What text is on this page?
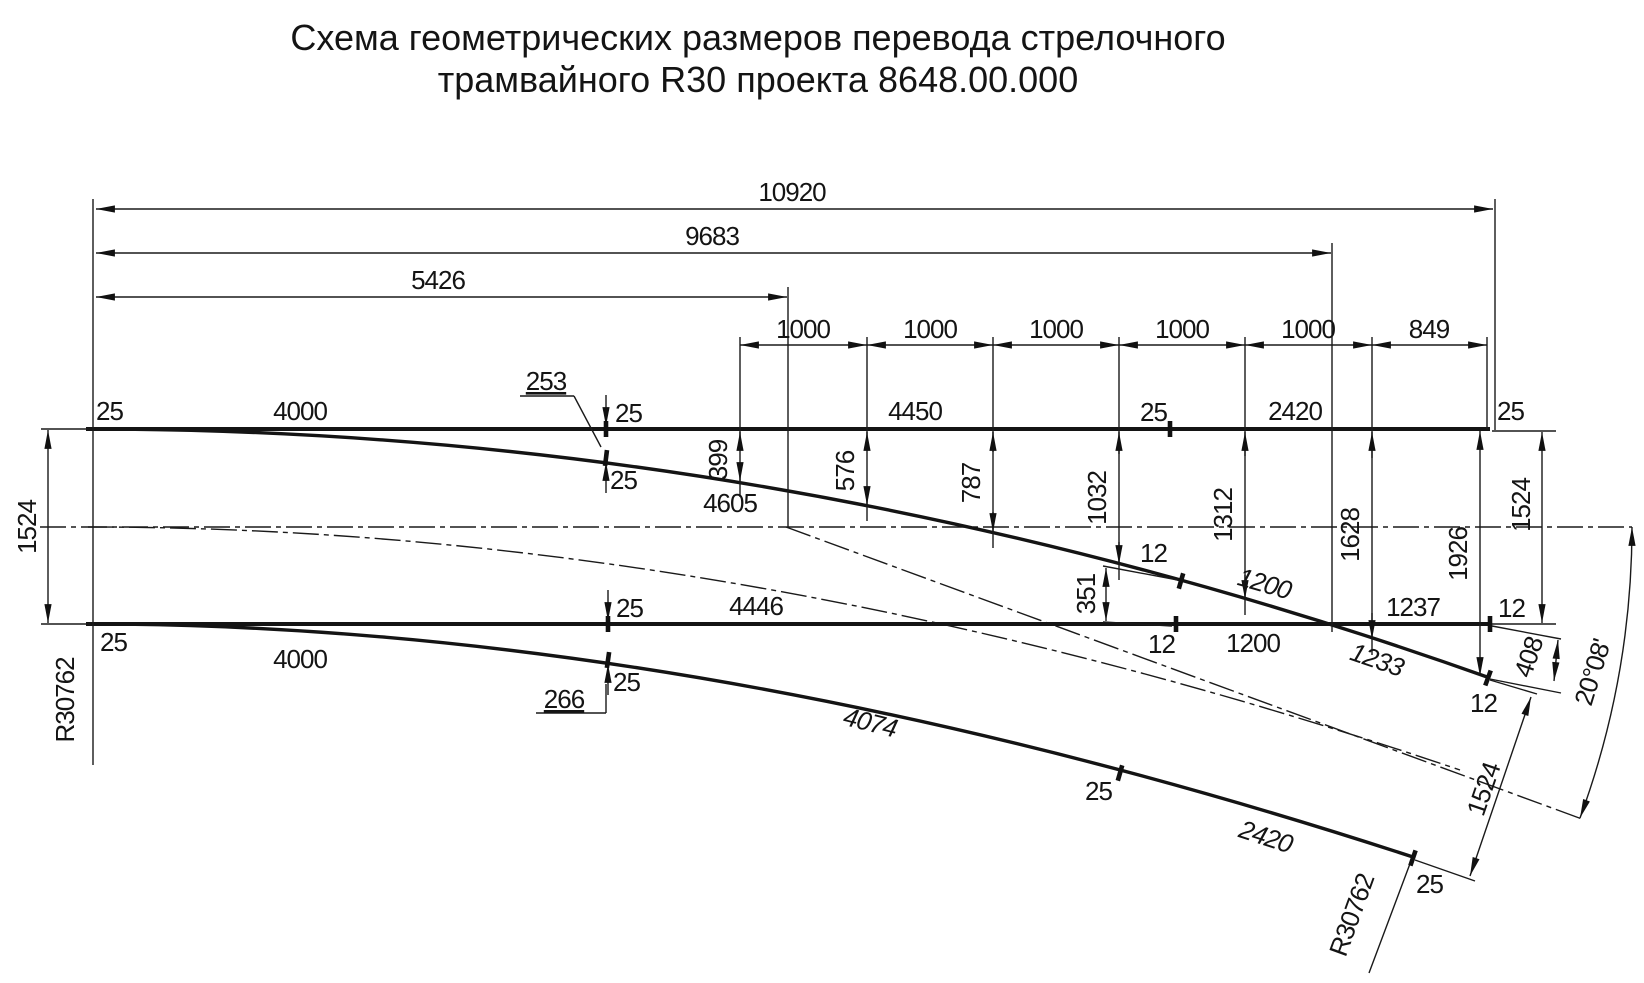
Схема геометрических размеров перевода стрелочного
трамвайного R30 проекта 8648.00.000
10920
9683
5426
1000	1000	1000	1000	1000	849
399	576	787	1032	1312	1628	1926
1524	1524
1524
R30762
R30762
20°08'
4000
4000
4450
4446
4605
4074
2420
2420
1200
1200	1233
1237
253
266
351
408
25	25
25
25	25
25
25
25
25
25
12
12
12
12
